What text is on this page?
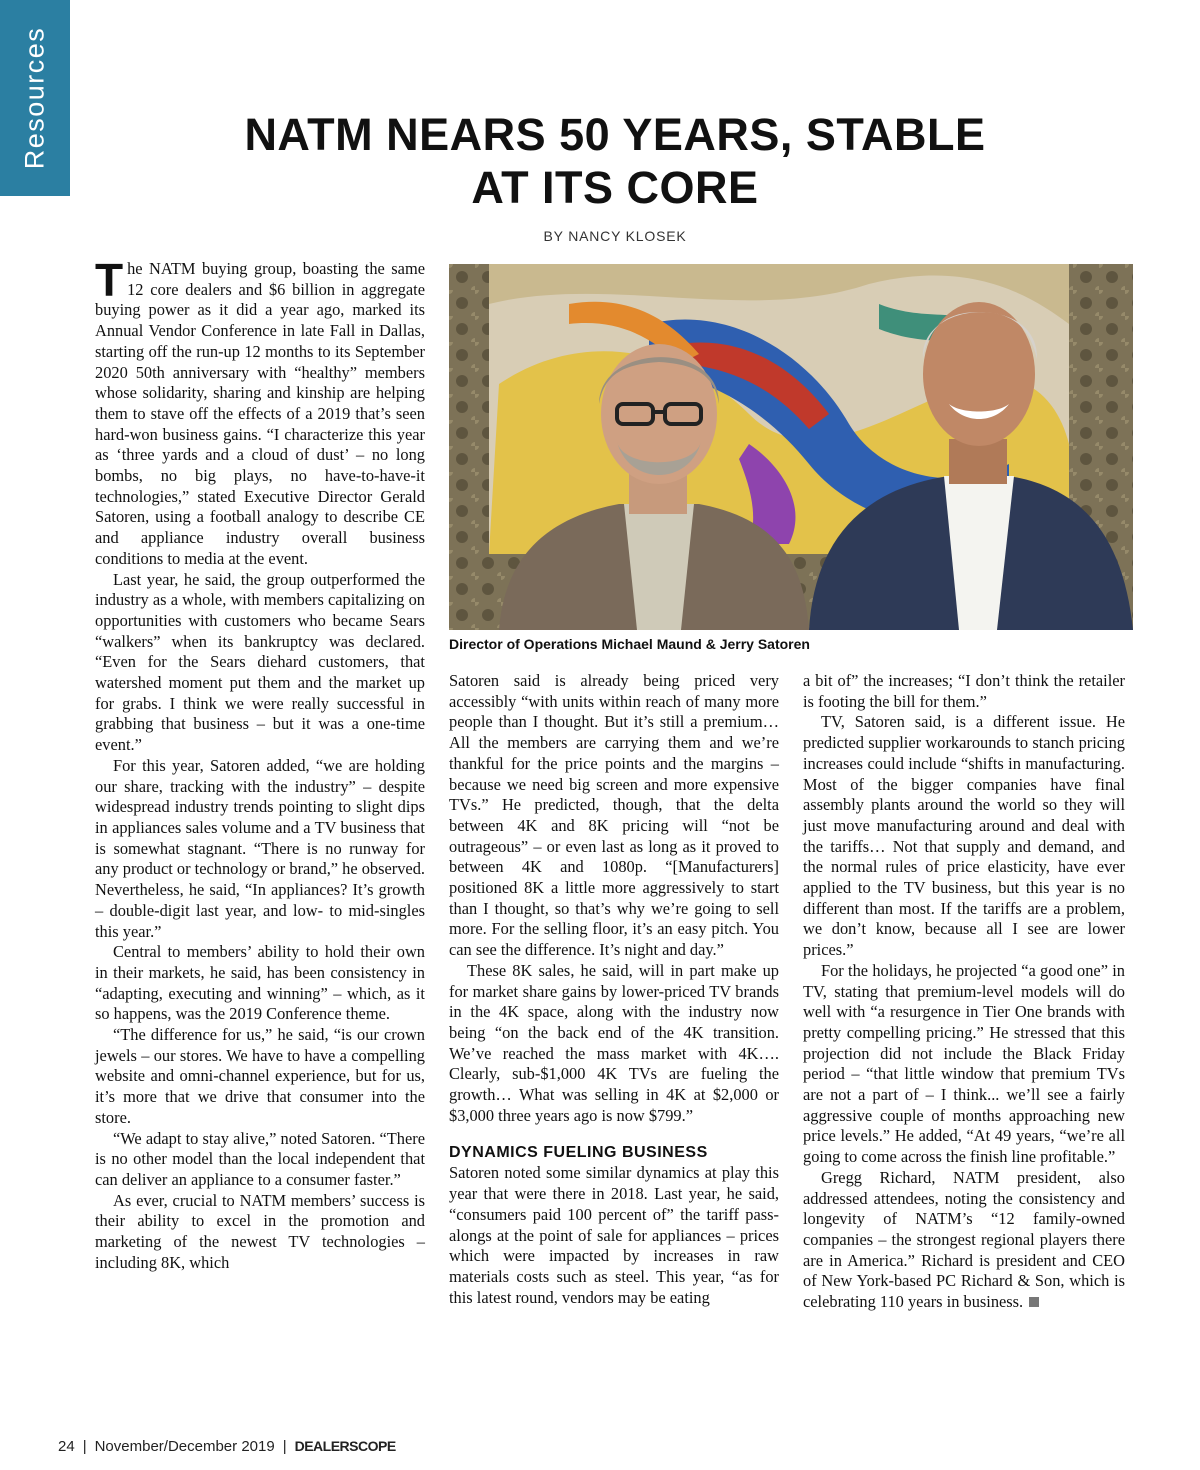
Resources	NATM NEARS 50 YEARS, STABLE AT ITS CORE
BY NANCY KLOSEK

The NATM buying group, boasting the same 12 core dealers and $6 billion in aggregate buying power as it did a year ago, marked its Annual Vendor Conference in late Fall in Dallas, starting off the run-up 12 months to its September 2020 50th anniversary with “healthy” members whose solidarity, sharing and kinship are helping them to stave off the effects of a 2019 that’s seen hard-won business gains. “I characterize this year as ‘three yards and a cloud of dust’ – no long bombs, no big plays, no have-to-have-it technologies,” stated Executive Director Gerald Satoren, using a football analogy to describe CE and appliance industry overall business conditions to media at the event.

Last year, he said, the group outperformed the industry as a whole, with members capitalizing on opportunities with customers who became Sears “walkers” when its bankruptcy was declared. “Even for the Sears diehard customers, that watershed moment put them and the market up for grabs. I think we were really successful in grabbing that business – but it was a one-time event.”

For this year, Satoren added, “we are holding our share, tracking with the industry” – despite widespread industry trends pointing to slight dips in appliances sales volume and a TV business that is somewhat stagnant. “There is no runway for any product or technology or brand,” he observed. Nevertheless, he said, “In appliances? It’s growth – double-digit last year, and low- to mid-singles this year.”

Central to members’ ability to hold their own in their markets, he said, has been consistency in “adapting, executing and winning” – which, as it so happens, was the 2019 Conference theme.

“The difference for us,” he said, “is our crown jewels – our stores. We have to have a compelling website and omni-channel experience, but for us, it’s more that we drive that consumer into the store.

“We adapt to stay alive,” noted Satoren. “There is no other model than the local independent that can deliver an appliance to a consumer faster.”

As ever, crucial to NATM members’ success is their ability to excel in the promotion and marketing of the newest TV technologies – including 8K, which

Director of Operations Michael Maund & Jerry Satoren

Satoren said is already being priced very accessibly “with units within reach of many more people than I thought. But it’s still a premium… All the members are carrying them and we’re thankful for the price points and the margins – because we need big screen and more expensive TVs.” He predicted, though, that the delta between 4K and 8K pricing will “not be outrageous” – or even last as long as it proved to between 4K and 1080p. “[Manufacturers] positioned 8K a little more aggressively to start than I thought, so that’s why we’re going to sell more. For the selling floor, it’s an easy pitch. You can see the difference. It’s night and day.”

These 8K sales, he said, will in part make up for market share gains by lower-priced TV brands in the 4K space, along with the industry now being “on the back end of the 4K transition. We’ve reached the mass market with 4K…. Clearly, sub-$1,000 4K TVs are fueling the growth… What was selling in 4K at $2,000 or $3,000 three years ago is now $799.”

DYNAMICS FUELING BUSINESS

Satoren noted some similar dynamics at play this year that were there in 2018. Last year, he said, “consumers paid 100 percent of” the tariff pass-alongs at the point of sale for appliances – prices which were impacted by increases in raw materials costs such as steel. This year, “as for this latest round, vendors may be eating

a bit of” the increases; “I don’t think the retailer is footing the bill for them.”

TV, Satoren said, is a different issue. He predicted supplier workarounds to stanch pricing increases could include “shifts in manufacturing. Most of the bigger companies have final assembly plants around the world so they will just move manufacturing around and deal with the tariffs… Not that supply and demand, and the normal rules of price elasticity, have ever applied to the TV business, but this year is no different than most. If the tariffs are a problem, we don’t know, because all I see are lower prices.”

For the holidays, he projected “a good one” in TV, stating that premium-level models will do well with “a resurgence in Tier One brands with pretty compelling pricing.” He stressed that this projection did not include the Black Friday period – “that little window that premium TVs are not a part of – I think... we’ll see a fairly aggressive couple of months approaching new price levels.” He added, “At 49 years, “we’re all going to come across the finish line profitable.”

Gregg Richard, NATM president, also addressed attendees, noting the consistency and longevity of NATM’s “12 family-owned companies – the strongest regional players there are in America.” Richard is president and CEO of New York-based PC Richard & Son, which is celebrating 110 years in business.

24 | November/December 2019 | DEALERSCOPE
